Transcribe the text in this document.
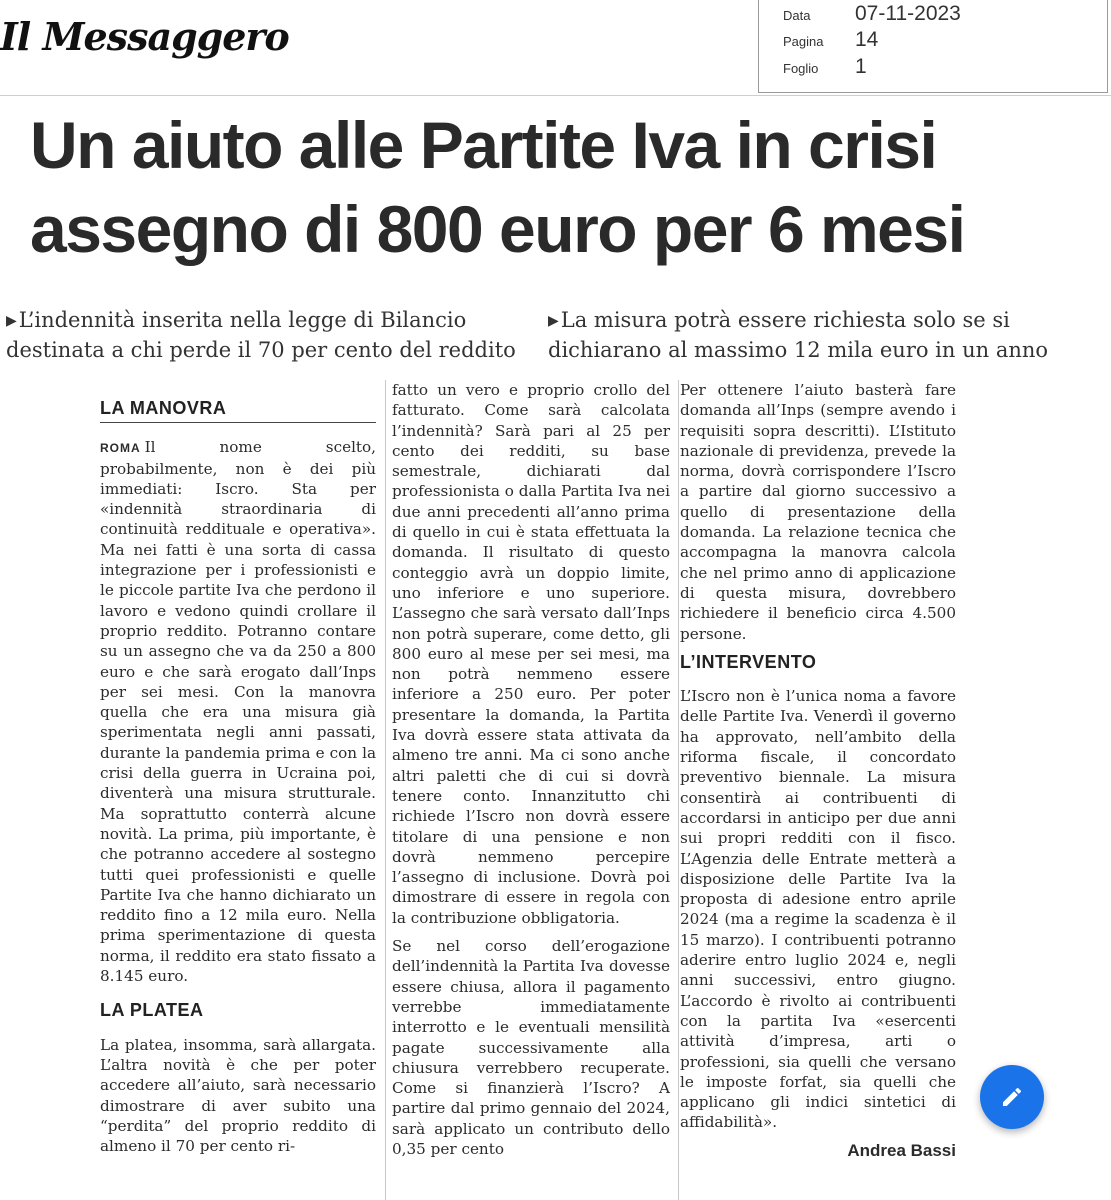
Il Messaggero	Data 07-11-2023
Pagina 14
Foglio 1
Un aiuto alle Partite Iva in crisi
assegno di 800 euro per 6 mesi
▶L’indennità inserita nella legge di Bilancio destinata a chi perde il 70 per cento del reddito
▶La misura potrà essere richiesta solo se si dichiarano al massimo 12 mila euro in un anno
LA MANOVRA

ROMA Il nome scelto, probabilmente, non è dei più immediati: Iscro. Sta per «indennità straordinaria di continuità reddituale e operativa». Ma nei fatti è una sorta di cassa integrazione per i professionisti e le piccole partite Iva che perdono il lavoro e vedono quindi crollare il proprio reddito. Potranno contare su un assegno che va da 250 a 800 euro e che sarà erogato dall’Inps per sei mesi. Con la manovra quella che era una misura già sperimentata negli anni passati, durante la pandemia prima e con la crisi della guerra in Ucraina poi, diventerà una misura strutturale. Ma soprattutto conterrà alcune novità. La prima, più importante, è che potranno accedere al sostegno tutti quei professionisti e quelle Partite Iva che hanno dichiarato un reddito fino a 12 mila euro. Nella prima sperimentazione di questa norma, il reddito era stato fissato a 8.145 euro.

LA PLATEA

La platea, insomma, sarà allargata. L’altra novità è che per poter accedere all’aiuto, sarà necessario dimostrare di aver subito una “perdita” del proprio reddito di almeno il 70 per cento ri-

fatto un vero e proprio crollo del fatturato. Come sarà calcolata l’indennità? Sarà pari al 25 per cento dei redditi, su base semestrale, dichiarati dal professionista o dalla Partita Iva nei due anni precedenti all’anno prima di quello in cui è stata effettuata la domanda. Il risultato di questo conteggio avrà un doppio limite, uno inferiore e uno superiore. L’assegno che sarà versato dall’Inps non potrà superare, come detto, gli 800 euro al mese per sei mesi, ma non potrà nemmeno essere inferiore a 250 euro. Per poter presentare la domanda, la Partita Iva dovrà essere stata attivata da almeno tre anni. Ma ci sono anche altri paletti che di cui si dovrà tenere conto. Innanzitutto chi richiede l’Iscro non dovrà essere titolare di una pensione e non dovrà nemmeno percepire l’assegno di inclusione. Dovrà poi dimostrare di essere in regola con la contribuzione obbligatoria.

Se nel corso dell’erogazione dell’indennità la Partita Iva dovesse essere chiusa, allora il pagamento verrebbe immediatamente interrotto e le eventuali mensilità pagate successivamente alla chiusura verrebbero recuperate. Come si finanzierà l’Iscro? A partire dal primo gennaio del 2024, sarà applicato un contributo dello 0,35 per cento

Per ottenere l’aiuto basterà fare domanda all’Inps (sempre avendo i requisiti sopra descritti). L’Istituto nazionale di previdenza, prevede la norma, dovrà corrispondere l’Iscro a partire dal giorno successivo a quello di presentazione della domanda. La relazione tecnica che accompagna la manovra calcola che nel primo anno di applicazione di questa misura, dovrebbero richiedere il beneficio circa 4.500 persone.

L’INTERVENTO

L’Iscro non è l’unica noma a favore delle Partite Iva. Venerdì il governo ha approvato, nell’ambito della riforma fiscale, il concordato preventivo biennale. La misura consentirà ai contribuenti di accordarsi in anticipo per due anni sui propri redditi con il fisco. L’Agenzia delle Entrate metterà a disposizione delle Partite Iva la proposta di adesione entro aprile 2024 (ma a regime la scadenza è il 15 marzo). I contribuenti potranno aderire entro luglio 2024 e, negli anni successivi, entro giugno. L’accordo è rivolto ai contribuenti con la partita Iva «esercenti attività d’impresa, arti o professioni, sia quelli che versano le imposte forfat, sia quelli che applicano gli indici sintetici di affidabilità».

Andrea Bassi
